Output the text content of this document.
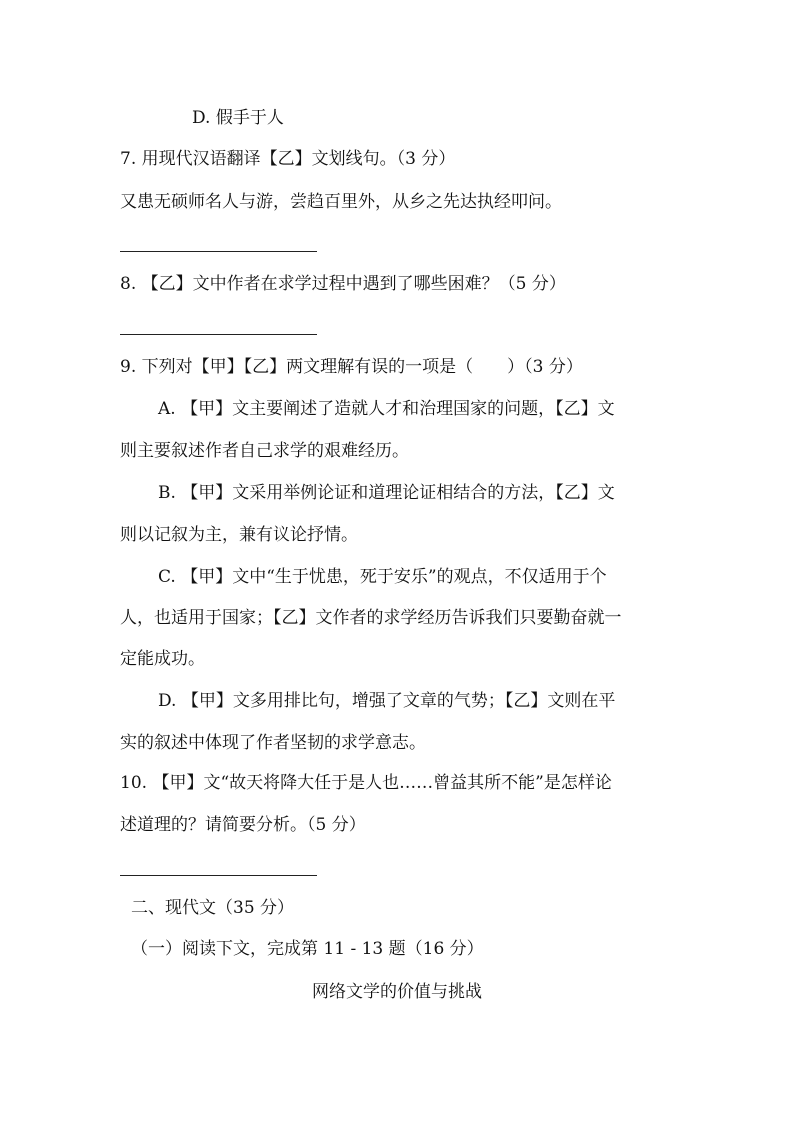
D. 假手于人
7. 用现代汉语翻译【乙】文划线句。（3 分）
又患无硕师名人与游，尝趋百里外，从乡之先达执经叩问。
8. 【乙】文中作者在求学过程中遇到了哪些困难？（5 分）
9. 下列对【甲】【乙】两文理解有误的一项是（　　）（3 分）
A. 【甲】文主要阐述了造就人才和治理国家的问题，【乙】文
则主要叙述作者自己求学的艰难经历。
B. 【甲】文采用举例论证和道理论证相结合的方法，【乙】文
则以记叙为主，兼有议论抒情。
C. 【甲】文中“生于忧患，死于安乐”的观点，不仅适用于个
人，也适用于国家；【乙】文作者的求学经历告诉我们只要勤奋就一
定能成功。
D. 【甲】文多用排比句，增强了文章的气势；【乙】文则在平
实的叙述中体现了作者坚韧的求学意志。
10. 【甲】文“故天将降大任于是人也……曾益其所不能”是怎样论
述道理的？请简要分析。（5 分）
二、现代文（35 分）
（一）阅读下文，完成第 11 - 13 题（16 分）
网络文学的价值与挑战
